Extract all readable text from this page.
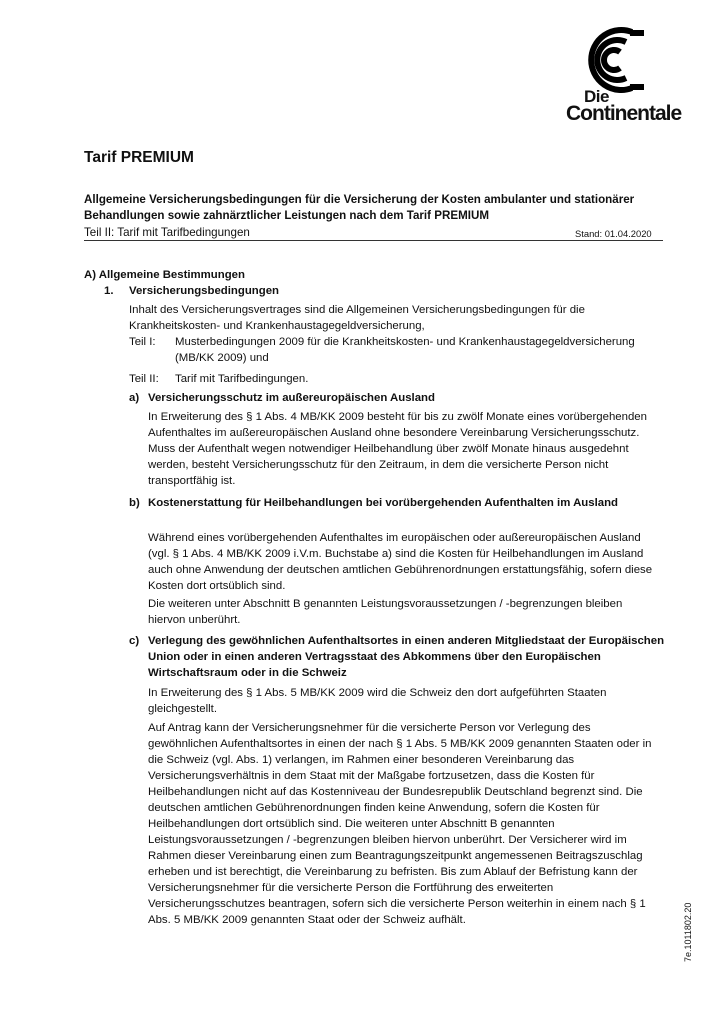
Die
Continentale
Tarif PREMIUM
Allgemeine Versicherungsbedingungen für die Versicherung der Kosten ambulanter und stationärer Behandlungen sowie zahnärztlicher Leistungen nach dem Tarif PREMIUM
Teil II: Tarif mit Tarifbedingungen	Stand: 01.04.2020
A) Allgemeine Bestimmungen
1. Versicherungsbedingungen
Inhalt des Versicherungsvertrages sind die Allgemeinen Versicherungsbedingungen für die Krankheitskosten- und Krankenhaustagegeldversicherung,
Teil I: Musterbedingungen 2009 für die Krankheitskosten- und Krankenhaustagegeldversicherung (MB/KK 2009) und
Teil II: Tarif mit Tarifbedingungen.
a) Versicherungsschutz im außereuropäischen Ausland
In Erweiterung des § 1 Abs. 4 MB/KK 2009 besteht für bis zu zwölf Monate eines vorübergehenden Aufenthaltes im außereuropäischen Ausland ohne besondere Vereinbarung Versicherungsschutz. Muss der Aufenthalt wegen notwendiger Heilbehandlung über zwölf Monate hinaus ausgedehnt werden, besteht Versicherungsschutz für den Zeitraum, in dem die versicherte Person nicht transportfähig ist.
b) Kostenerstattung für Heilbehandlungen bei vorübergehenden Aufenthalten im Ausland
Während eines vorübergehenden Aufenthaltes im europäischen oder außereuropäischen Ausland (vgl. § 1 Abs. 4 MB/KK 2009 i.V.m. Buchstabe a) sind die Kosten für Heilbehandlungen im Ausland auch ohne Anwendung der deutschen amtlichen Gebührenordnungen erstattungsfähig, sofern diese Kosten dort ortsüblich sind.
Die weiteren unter Abschnitt B genannten Leistungsvoraussetzungen / -begrenzungen bleiben hiervon unberührt.
c) Verlegung des gewöhnlichen Aufenthaltsortes in einen anderen Mitgliedstaat der Europäischen Union oder in einen anderen Vertragsstaat des Abkommens über den Europäischen Wirtschaftsraum oder in die Schweiz
In Erweiterung des § 1 Abs. 5 MB/KK 2009 wird die Schweiz den dort aufgeführten Staaten gleichgestellt.
Auf Antrag kann der Versicherungsnehmer für die versicherte Person vor Verlegung des gewöhnlichen Aufenthaltsortes in einen der nach § 1 Abs. 5 MB/KK 2009 genannten Staaten oder in die Schweiz (vgl. Abs. 1) verlangen, im Rahmen einer besonderen Vereinbarung das Versicherungsverhältnis in dem Staat mit der Maßgabe fortzusetzen, dass die Kosten für Heilbehandlungen nicht auf das Kostenniveau der Bundesrepublik Deutschland begrenzt sind. Die deutschen amtlichen Gebührenordnungen finden keine Anwendung, sofern die Kosten für Heilbehandlungen dort ortsüblich sind. Die weiteren unter Abschnitt B genannten Leistungsvoraussetzungen / -begrenzungen bleiben hiervon unberührt. Der Versicherer wird im Rahmen dieser Vereinbarung einen zum Beantragungszeitpunkt angemessenen Beitragszuschlag erheben und ist berechtigt, die Vereinbarung zu befristen. Bis zum Ablauf der Befristung kann der Versicherungsnehmer für die versicherte Person die Fortführung des erweiterten Versicherungsschutzes beantragen, sofern sich die versicherte Person weiterhin in einem nach § 1 Abs. 5 MB/KK 2009 genannten Staat oder der Schweiz aufhält.	7e.1011802.20
